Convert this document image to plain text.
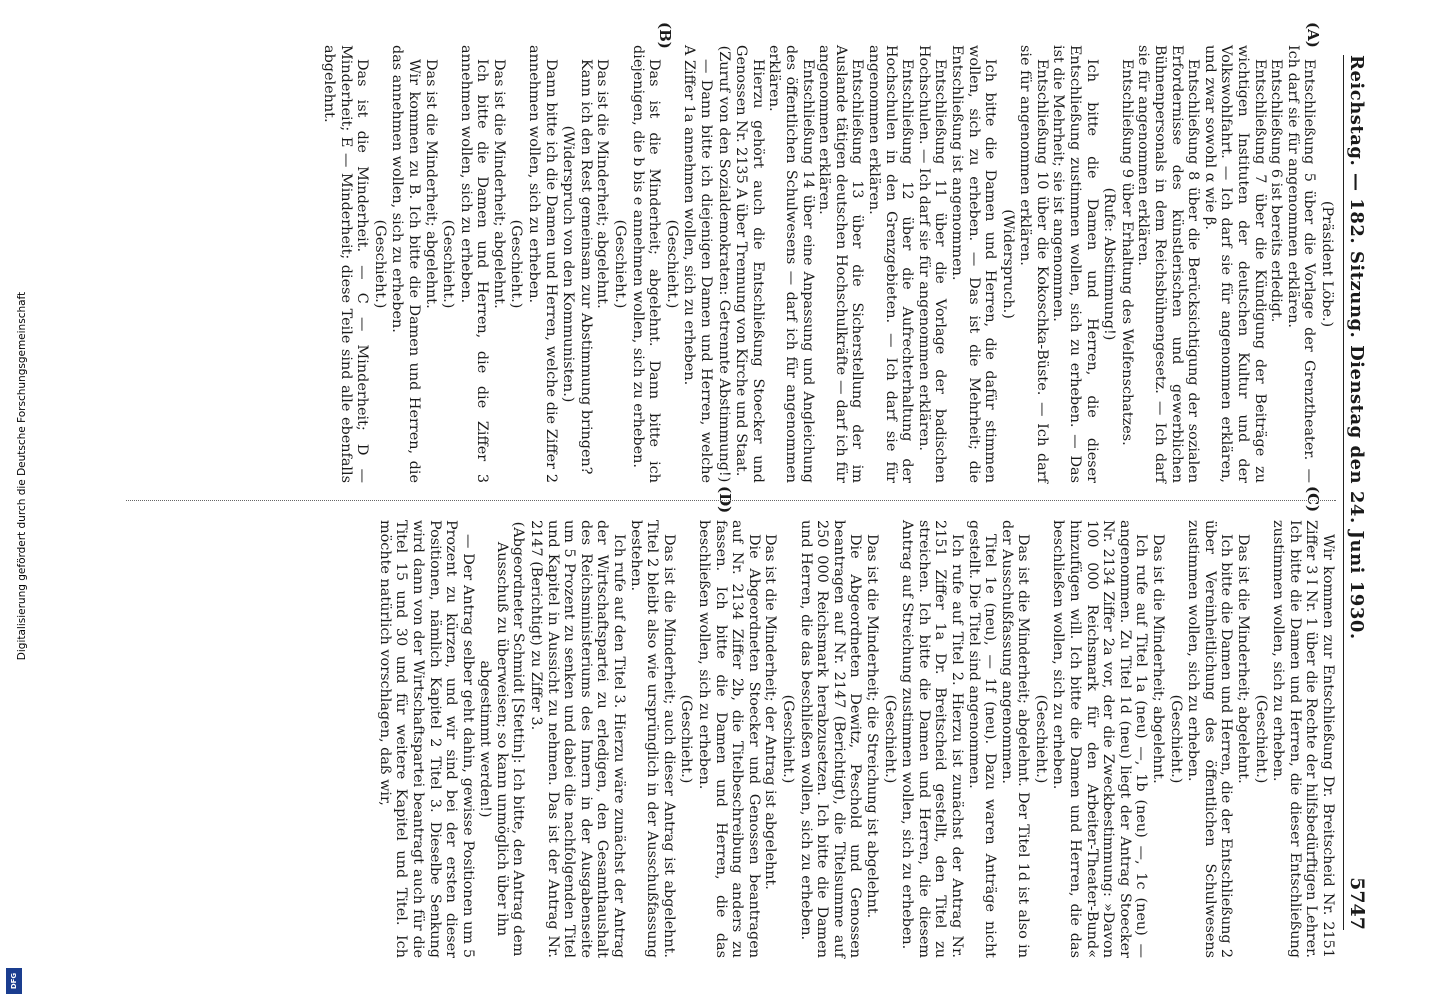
Digitalisierung gefördert durch die Deutsche Forschungsgemeinschaft
DFG
Reichstag. — 182. Sitzung. Dienstag den 24. Juni 1930.
5747
(A)
(B)
(C)
(D)

(Präsident Löbe.)

Entschließung 5 über die Vorlage der Grenztheater. — Ich darf sie für angenommen erklären.

Entschließung 6 ist bereits erledigt.

Entschließung 7 über die Kündigung der Beiträge zu wichtigen Instituten der deutschen Kultur und der Volkswohlfahrt. — Ich darf sie für angenommen erklären, und zwar sowohl α wie β.

Entschließung 8 über die Berücksichtigung der sozialen Erfordernisse des künstlerischen und gewerblichen Bühnenpersonals in dem Reichsbühnengesetz. — Ich darf sie für angenommen erklären.

Entschließung 9 über Erhaltung des Welfenschatzes.

(Rufe: Abstimmung!)

Ich bitte die Damen und Herren, die dieser Entschließung zustimmen wollen, sich zu erheben. — Das ist die Mehrheit; sie ist angenommen.

Entschließung 10 über die Kokoschka-Büste. — Ich darf sie für angenommen erklären.

(Widerspruch.)

Ich bitte die Damen und Herren, die dafür stimmen wollen, sich zu erheben. — Das ist die Mehrheit; die Entschließung ist angenommen.

Entschließung 11 über die Vorlage der badischen Hochschulen. — Ich darf sie für angenommen erklären.

Entschließung 12 über die Aufrechterhaltung der Hochschulen in den Grenzgebieten. — Ich darf sie für angenommen erklären.

Entschließung 13 über die Sicherstellung der im Auslande tätigen deutschen Hochschulkräfte — darf ich für angenommen erklären.

Entschließung 14 über eine Anpassung und Angleichung des öffentlichen Schulwesens — darf ich für angenommen erklären.

Hierzu gehört auch die Entschließung Stoecker und Genossen Nr. 2135 A über Trennung von Kirche und Staat.

(Zuruf von den Sozialdemokraten: Getrennte Abstimmung!)

— Dann bitte ich diejenigen Damen und Herren, welche A Ziffer 1a annehmen wollen, sich zu erheben.

(Geschieht.)

Das ist die Minderheit; abgelehnt. Dann bitte ich diejenigen, die b bis e annehmen wollen, sich zu erheben.

(Geschieht.)

Das ist die Minderheit; abgelehnt.

Kann ich den Rest gemeinsam zur Abstimmung bringen?

(Widerspruch von den Kommunisten.)

Dann bitte ich die Damen und Herren, welche die Ziffer 2 annehmen wollen, sich zu erheben.

(Geschieht.)

Das ist die Minderheit; abgelehnt.

Ich bitte die Damen und Herren, die die Ziffer 3 annehmen wollen, sich zu erheben.

(Geschieht.)

Das ist die Minderheit; abgelehnt.

Wir kommen zu B. Ich bitte die Damen und Herren, die das annehmen wollen, sich zu erheben.

(Geschieht.)

Das ist die Minderheit. — C — Minderheit; D — Minderheit; E — Minderheit; diese Teile sind alle ebenfalls abgelehnt.

Wir kommen zur Entschließung Dr. Breitscheid Nr. 2151 Ziffer 3 I Nr. 1 über die Rechte der hilfsbedürftigen Lehrer. Ich bitte die Damen und Herren, die dieser Entschließung zustimmen wollen, sich zu erheben.

(Geschieht.)

Das ist die Minderheit; abgelehnt.

Ich bitte die Damen und Herren, die der Entschließung 2 über Vereinheitlichung des öffentlichen Schulwesens zustimmen wollen, sich zu erheben.

(Geschieht.)

Das ist die Minderheit; abgelehnt.

Ich rufe auf Titel 1a (neu) —, 1b (neu) —, 1c (neu) — angenommen. Zu Titel 1d (neu) liegt der Antrag Stoecker Nr. 2134 Ziffer 2a vor, der die Zweckbestimmung: »Davon 100 000 Reichsmark für den Arbeiter-Theater-Bund« hinzufügen will. Ich bitte die Damen und Herren, die das beschließen wollen, sich zu erheben.

(Geschieht.)

Das ist die Minderheit; abgelehnt. Der Titel 1d ist also in der Ausschußfassung angenommen.

Titel 1e (neu), — 1f (neu). Dazu waren Anträge nicht gestellt. Die Titel sind angenommen.

Ich rufe auf Titel 2. Hierzu ist zunächst der Antrag Nr. 2151 Ziffer 1a Dr. Breitscheid gestellt, den Titel zu streichen. Ich bitte die Damen und Herren, die diesem Antrag auf Streichung zustimmen wollen, sich zu erheben.

(Geschieht.)

Das ist die Minderheit; die Streichung ist abgelehnt.

Die Abgeordneten Dewitz, Peschold und Genossen beantragen auf Nr. 2147 (Berichtigt), die Titelsumme auf 250 000 Reichsmark herabzusetzen. Ich bitte die Damen und Herren, die das beschließen wollen, sich zu erheben.

(Geschieht.)

Das ist die Minderheit; der Antrag ist abgelehnt.

Die Abgeordneten Stoecker und Genossen beantragen auf Nr. 2134 Ziffer 2b, die Titelbeschreibung anders zu fassen. Ich bitte die Damen und Herren, die das beschließen wollen, sich zu erheben.

(Geschieht.)

Das ist die Minderheit; auch dieser Antrag ist abgelehnt. Titel 2 bleibt also wie ursprünglich in der Ausschußfassung bestehen.

Ich rufe auf den Titel 3. Hierzu wäre zunächst der Antrag der Wirtschaftspartei zu erledigen, den Gesamthaushalt des Reichsministeriums des Innern in der Ausgabenseite um 5 Prozent zu senken und dabei die nachfolgenden Titel und Kapitel in Aussicht zu nehmen. Das ist der Antrag Nr. 2147 (Berichtigt) zu Ziffer 3.

(Abgeordneter Schmidt [Stettin]: Ich bitte, den Antrag dem Ausschuß zu überweisen; so kann unmöglich über ihn abgestimmt werden!)

— Der Antrag selber geht dahin, gewisse Positionen um 5 Prozent zu kürzen, und wir sind bei der ersten dieser Positionen, nämlich Kapitel 2 Titel 3. Dieselbe Senkung wird dann von der Wirtschaftspartei beantragt auch für die Titel 15 und 30 und für weitere Kapitel und Titel. Ich möchte natürlich vorschlagen, daß wir,
